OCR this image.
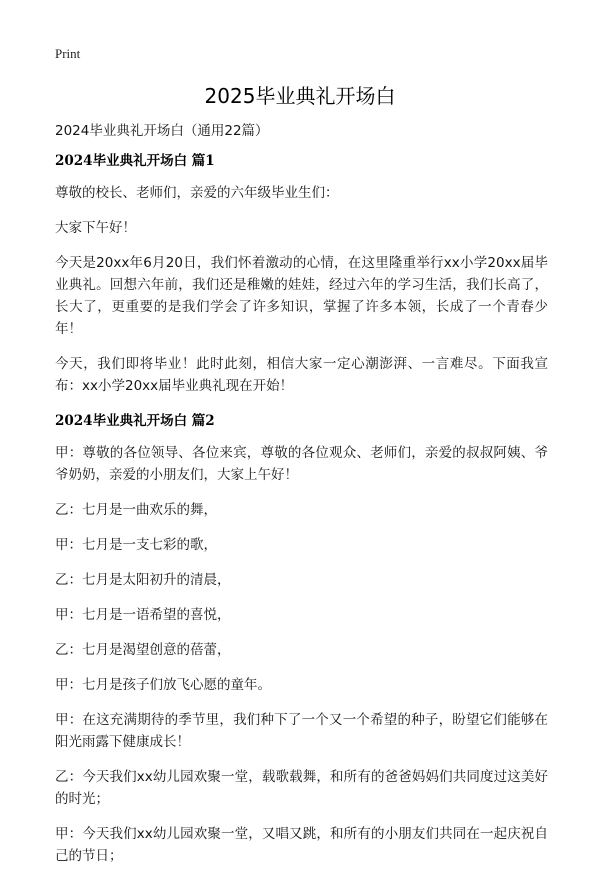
Print
2025毕业典礼开场白

2024毕业典礼开场白（通用22篇）

2024毕业典礼开场白 篇1

尊敬的校长、老师们，亲爱的六年级毕业生们：

大家下午好！

今天是20xx年6月20日，我们怀着激动的心情，在这里隆重举行xx小学20xx届毕业典礼。回想六年前，我们还是稚嫩的娃娃，经过六年的学习生活，我们长高了，长大了，更重要的是我们学会了许多知识，掌握了许多本领，长成了一个青春少年！

今天，我们即将毕业！此时此刻，相信大家一定心潮澎湃、一言难尽。下面我宣布：xx小学20xx届毕业典礼现在开始！

2024毕业典礼开场白 篇2

甲：尊敬的各位领导、各位来宾，尊敬的各位观众、老师们，亲爱的叔叔阿姨、爷爷奶奶，亲爱的小朋友们，大家上午好！

乙：七月是一曲欢乐的舞，

甲：七月是一支七彩的歌，

乙：七月是太阳初升的清晨，

甲：七月是一语希望的喜悦，

乙：七月是渴望创意的蓓蕾，

甲：七月是孩子们放飞心愿的童年。

甲：在这充满期待的季节里，我们种下了一个又一个希望的种子，盼望它们能够在阳光雨露下健康成长！

乙：今天我们xx幼儿园欢聚一堂，载歌载舞，和所有的爸爸妈妈们共同度过这美好的时光；

甲：今天我们xx幼儿园欢聚一堂，又唱又跳，和所有的小朋友们共同在一起庆祝自己的节日；
